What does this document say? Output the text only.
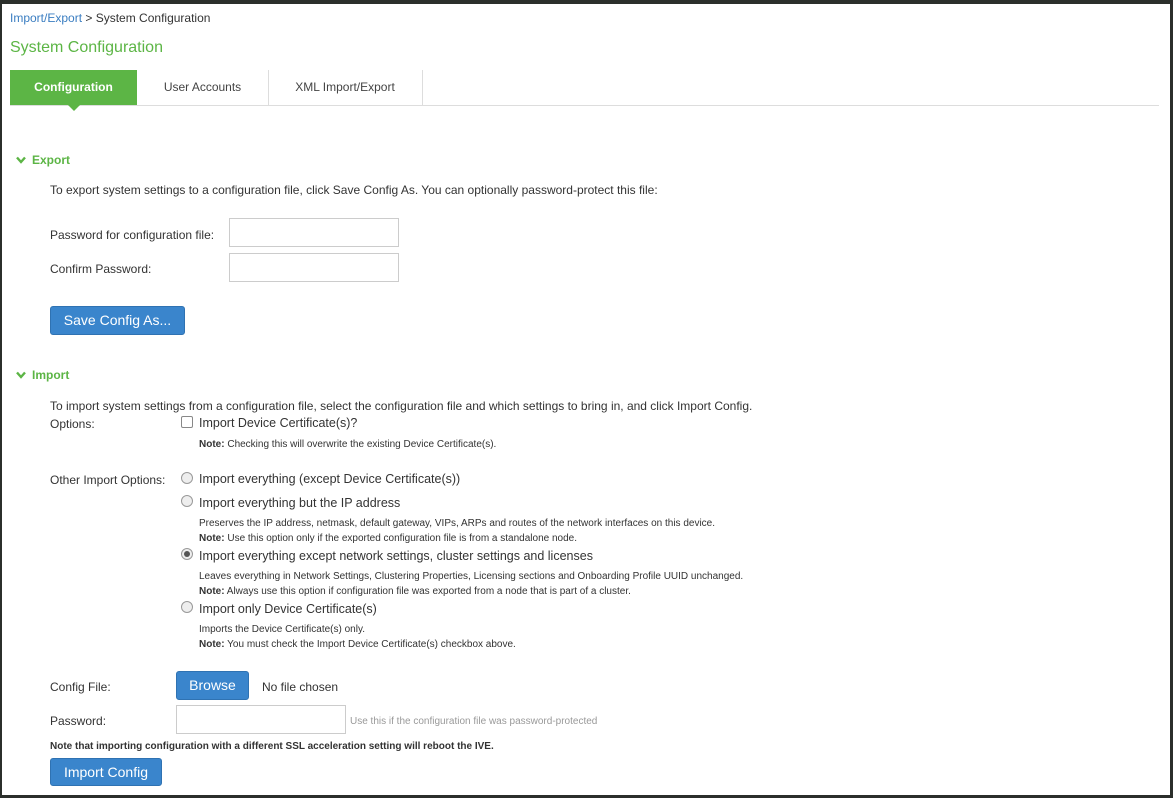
Import/Export > System Configuration
System Configuration
Configuration	User Accounts	XML Import/Export
Export
To export system settings to a configuration file, click Save Config As. You can optionally password-protect this file:
Password for configuration file:
Confirm Password:
Save Config As...
Import
To import system settings from a configuration file, select the configuration file and which settings to bring in, and click Import Config.
Options:	Import Device Certificate(s)?
Note: Checking this will overwrite the existing Device Certificate(s).
Other Import Options:	Import everything (except Device Certificate(s))
Import everything but the IP address
Preserves the IP address, netmask, default gateway, VIPs, ARPs and routes of the network interfaces on this device.
Note: Use this option only if the exported configuration file is from a standalone node.
Import everything except network settings, cluster settings and licenses
Leaves everything in Network Settings, Clustering Properties, Licensing sections and Onboarding Profile UUID unchanged.
Note: Always use this option if configuration file was exported from a node that is part of a cluster.
Import only Device Certificate(s)
Imports the Device Certificate(s) only.
Note: You must check the Import Device Certificate(s) checkbox above.
Config File:	Browse	No file chosen
Password:	Use this if the configuration file was password-protected
Note that importing configuration with a different SSL acceleration setting will reboot the IVE.
Import Config
